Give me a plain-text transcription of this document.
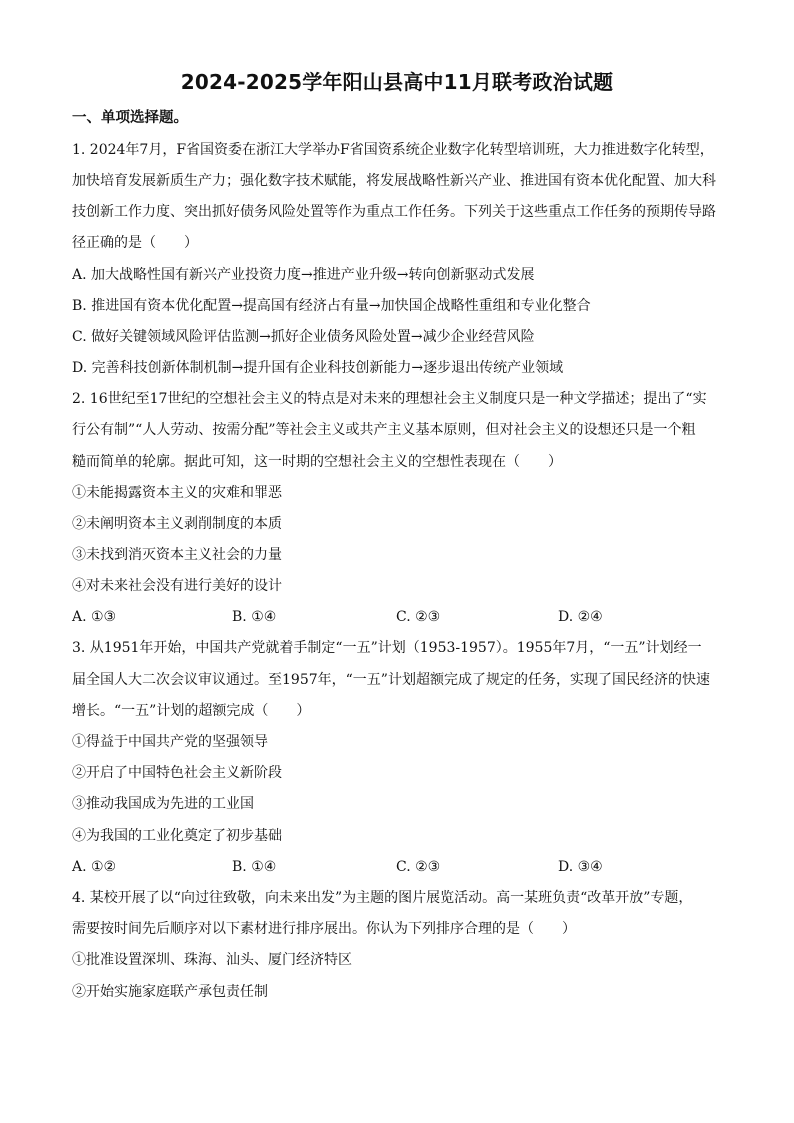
2024-2025学年阳山县高中11月联考政治试题
一、单项选择题。
1. 2024年7月，F省国资委在浙江大学举办F省国资系统企业数字化转型培训班，大力推进数字化转型，
加快培育发展新质生产力；强化数字技术赋能，将发展战略性新兴产业、推进国有资本优化配置、加大科
技创新工作力度、突出抓好债务风险处置等作为重点工作任务。下列关于这些重点工作任务的预期传导路
径正确的是（　　）
A. 加大战略性国有新兴产业投资力度→推进产业升级→转向创新驱动式发展
B. 推进国有资本优化配置→提高国有经济占有量→加快国企战略性重组和专业化整合
C. 做好关键领域风险评估监测→抓好企业债务风险处置→减少企业经营风险
D. 完善科技创新体制机制→提升国有企业科技创新能力→逐步退出传统产业领域
2. 16世纪至17世纪的空想社会主义的特点是对未来的理想社会主义制度只是一种文学描述；提出了“实
行公有制”“人人劳动、按需分配”等社会主义或共产主义基本原则，但对社会主义的设想还只是一个粗
糙而简单的轮廓。据此可知，这一时期的空想社会主义的空想性表现在（　　）
①未能揭露资本主义的灾难和罪恶
②未阐明资本主义剥削制度的本质
③未找到消灭资本主义社会的力量
④对未来社会没有进行美好的设计
A. ①③	B. ①④	C. ②③	D. ②④
3. 从1951年开始，中国共产党就着手制定“一五”计划（1953-1957）。1955年7月，“一五”计划经一
届全国人大二次会议审议通过。至1957年，“一五”计划超额完成了规定的任务，实现了国民经济的快速
增长。“一五”计划的超额完成（　　）
①得益于中国共产党的坚强领导
②开启了中国特色社会主义新阶段
③推动我国成为先进的工业国
④为我国的工业化奠定了初步基础
A. ①②	B. ①④	C. ②③	D. ③④
4. 某校开展了以“向过往致敬，向未来出发”为主题的图片展览活动。高一某班负责“改革开放”专题，
需要按时间先后顺序对以下素材进行排序展出。你认为下列排序合理的是（　　）
①批准设置深圳、珠海、汕头、厦门经济特区
②开始实施家庭联产承包责任制
